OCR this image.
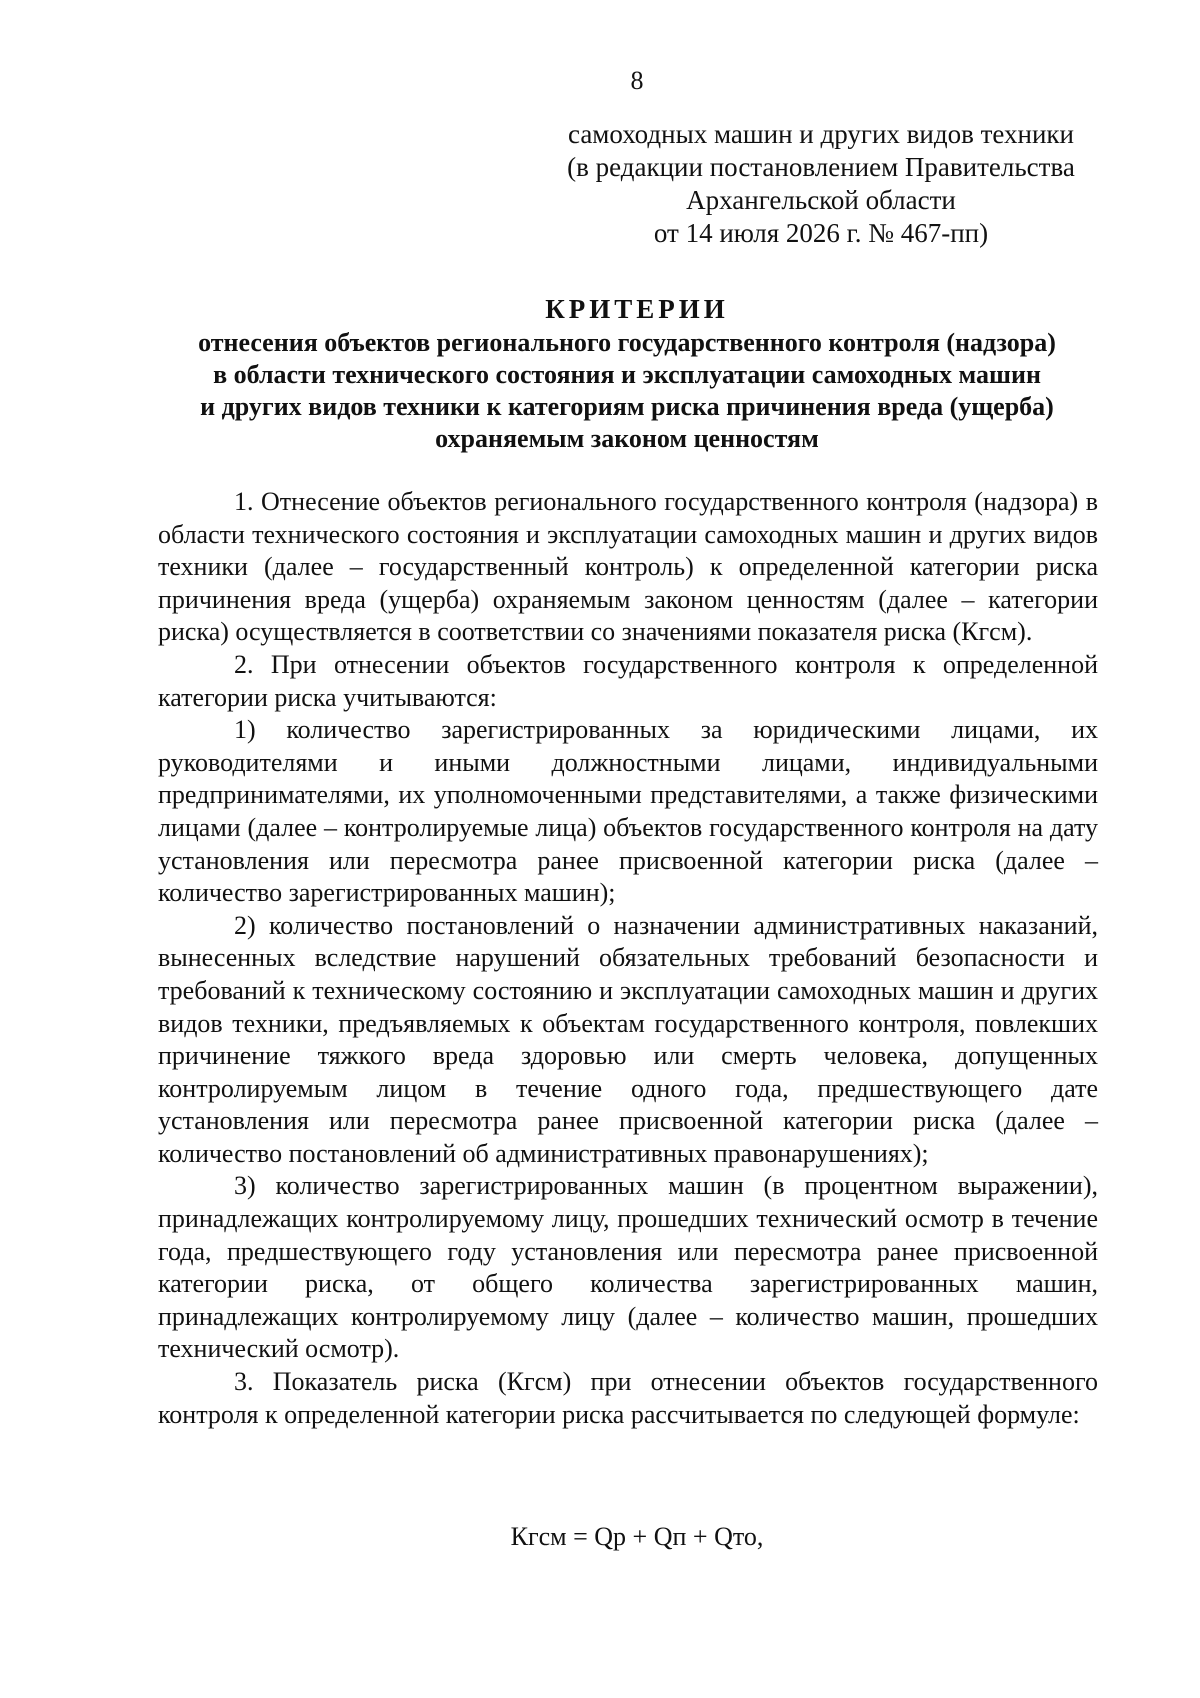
8
самоходных машин и других видов техники
(в редакции постановлением Правительства
Архангельской области
от 14 июля 2026 г. № 467-пп)
КРИТЕРИИ
отнесения объектов регионального государственного контроля (надзора)
в области технического состояния и эксплуатации самоходных машин
и других видов техники к категориям риска причинения вреда (ущерба)
охраняемым законом ценностям

1. Отнесение объектов регионального государственного контроля (надзора) в области технического состояния и эксплуатации самоходных машин и других видов техники (далее – государственный контроль) к определенной категории риска причинения вреда (ущерба) охраняемым законом ценностям (далее – категории риска) осуществляется в соответствии со значениями показателя риска (Кгсм).

2. При отнесении объектов государственного контроля к определенной категории риска учитываются:

1) количество зарегистрированных за юридическими лицами, их руководителями и иными должностными лицами, индивидуальными предпринимателями, их уполномоченными представителями, а также физическими лицами (далее – контролируемые лица) объектов государственного контроля на дату установления или пересмотра ранее присвоенной категории риска (далее – количество зарегистрированных машин);

2) количество постановлений о назначении административных наказаний, вынесенных вследствие нарушений обязательных требований безопасности и требований к техническому состоянию и эксплуатации самоходных машин и других видов техники, предъявляемых к объектам государственного контроля, повлекших причинение тяжкого вреда здоровью или смерть человека, допущенных контролируемым лицом в течение одного года, предшествующего дате установления или пересмотра ранее присвоенной категории риска (далее – количество постановлений об административных правонарушениях);

3) количество зарегистрированных машин (в процентном выражении), принадлежащих контролируемому лицу, прошедших технический осмотр в течение года, предшествующего году установления или пересмотра ранее присвоенной категории риска, от общего количества зарегистрированных машин, принадлежащих контролируемому лицу (далее – количество машин, прошедших технический осмотр).

3. Показатель риска (Кгсм) при отнесении объектов государственного контроля к определенной категории риска рассчитывается по следующей формуле:

Кгсм = Qр + Qп + Qто,
